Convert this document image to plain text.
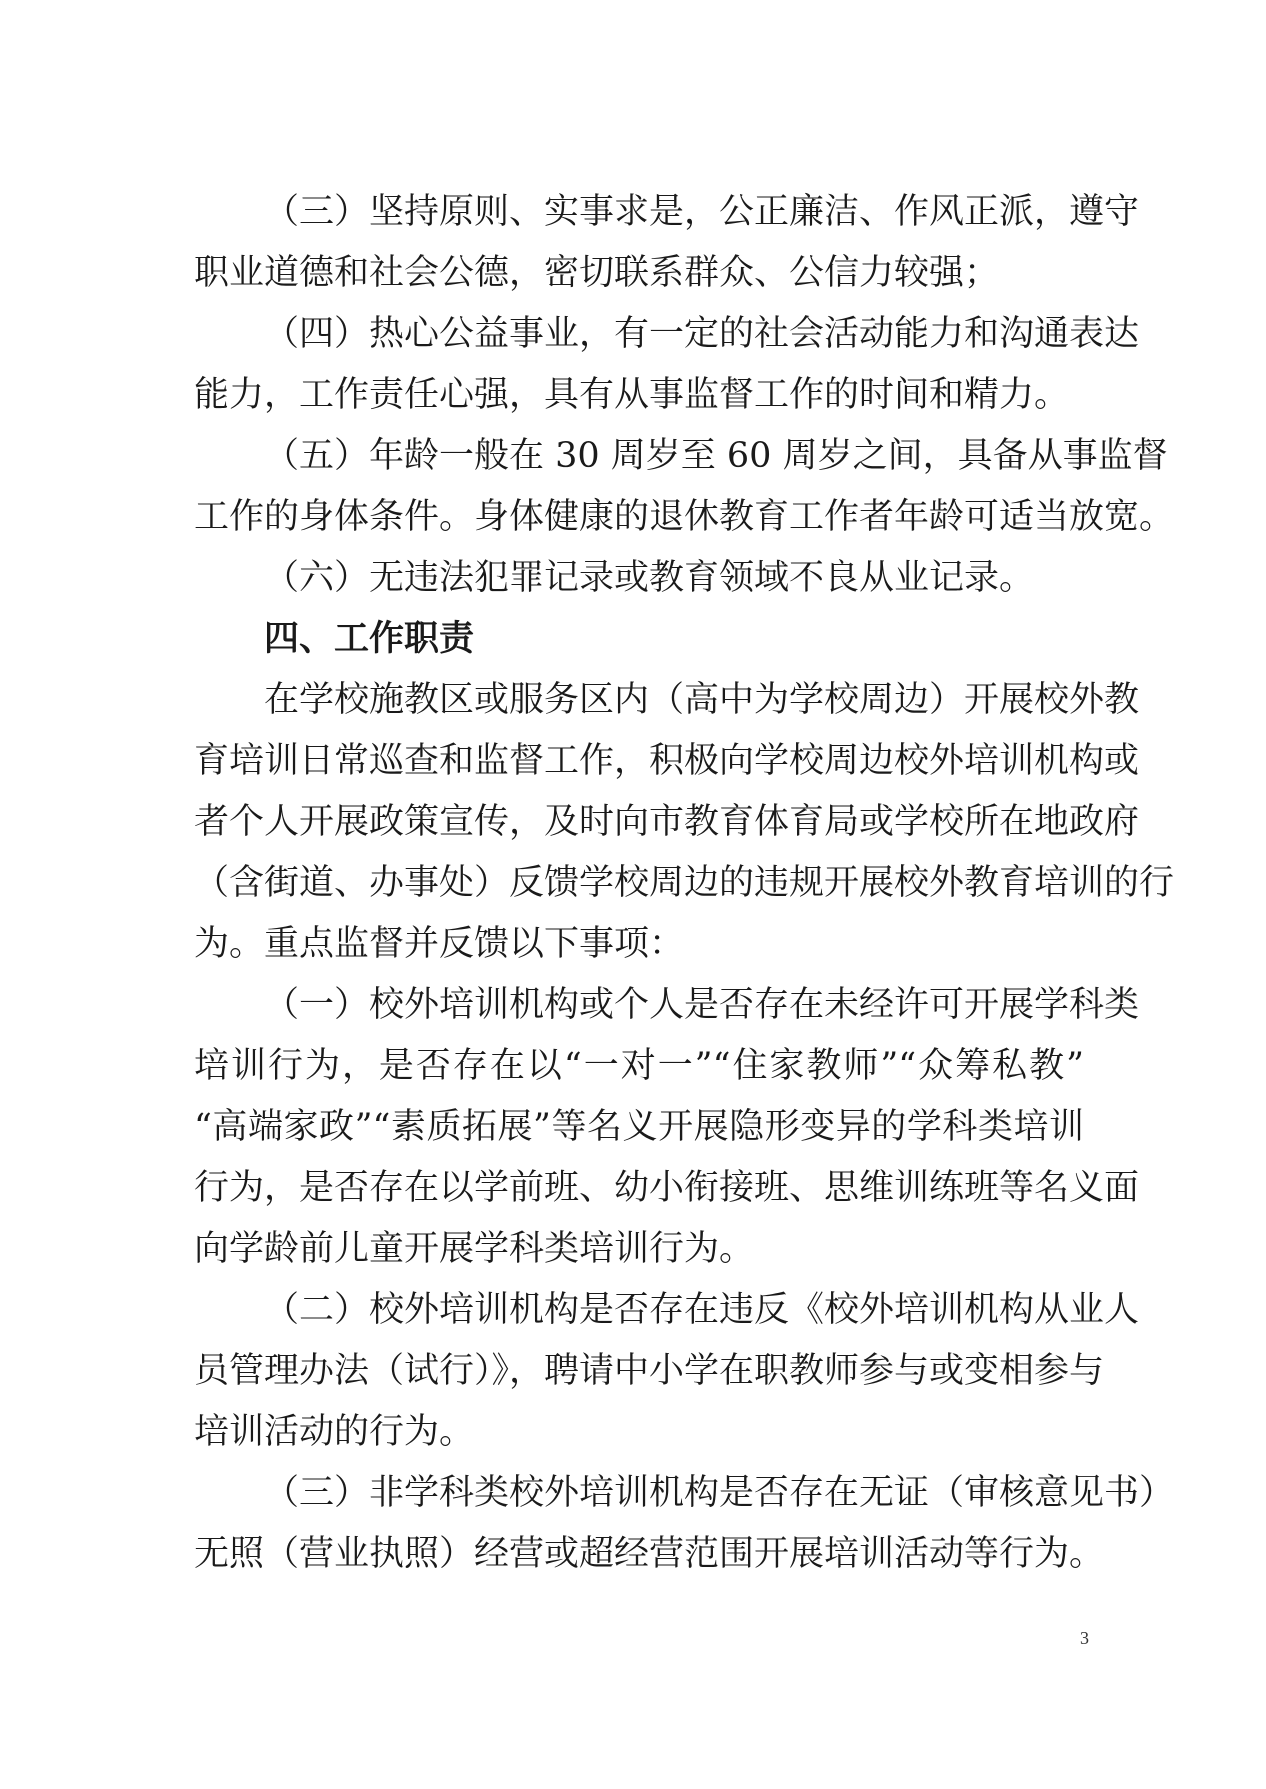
（三）坚持原则、实事求是，公正廉洁、作风正派，遵守
职业道德和社会公德，密切联系群众、公信力较强；
（四）热心公益事业，有一定的社会活动能力和沟通表达
能力，工作责任心强，具有从事监督工作的时间和精力。
（五）年龄一般在 30 周岁至 60 周岁之间，具备从事监督
工作的身体条件。身体健康的退休教育工作者年龄可适当放宽。
（六）无违法犯罪记录或教育领域不良从业记录。
四、工作职责
在学校施教区或服务区内（高中为学校周边）开展校外教
育培训日常巡查和监督工作，积极向学校周边校外培训机构或
者个人开展政策宣传，及时向市教育体育局或学校所在地政府
（含街道、办事处）反馈学校周边的违规开展校外教育培训的行
为。重点监督并反馈以下事项：
（一）校外培训机构或个人是否存在未经许可开展学科类
培训行为，是否存在以“一对一”“住家教师”“众筹私教”
“高端家政”“素质拓展”等名义开展隐形变异的学科类培训
行为，是否存在以学前班、幼小衔接班、思维训练班等名义面
向学龄前儿童开展学科类培训行为。
（二）校外培训机构是否存在违反《校外培训机构从业人
员管理办法（试行）》，聘请中小学在职教师参与或变相参与
培训活动的行为。
（三）非学科类校外培训机构是否存在无证（审核意见书）
无照（营业执照）经营或超经营范围开展培训活动等行为。
3
